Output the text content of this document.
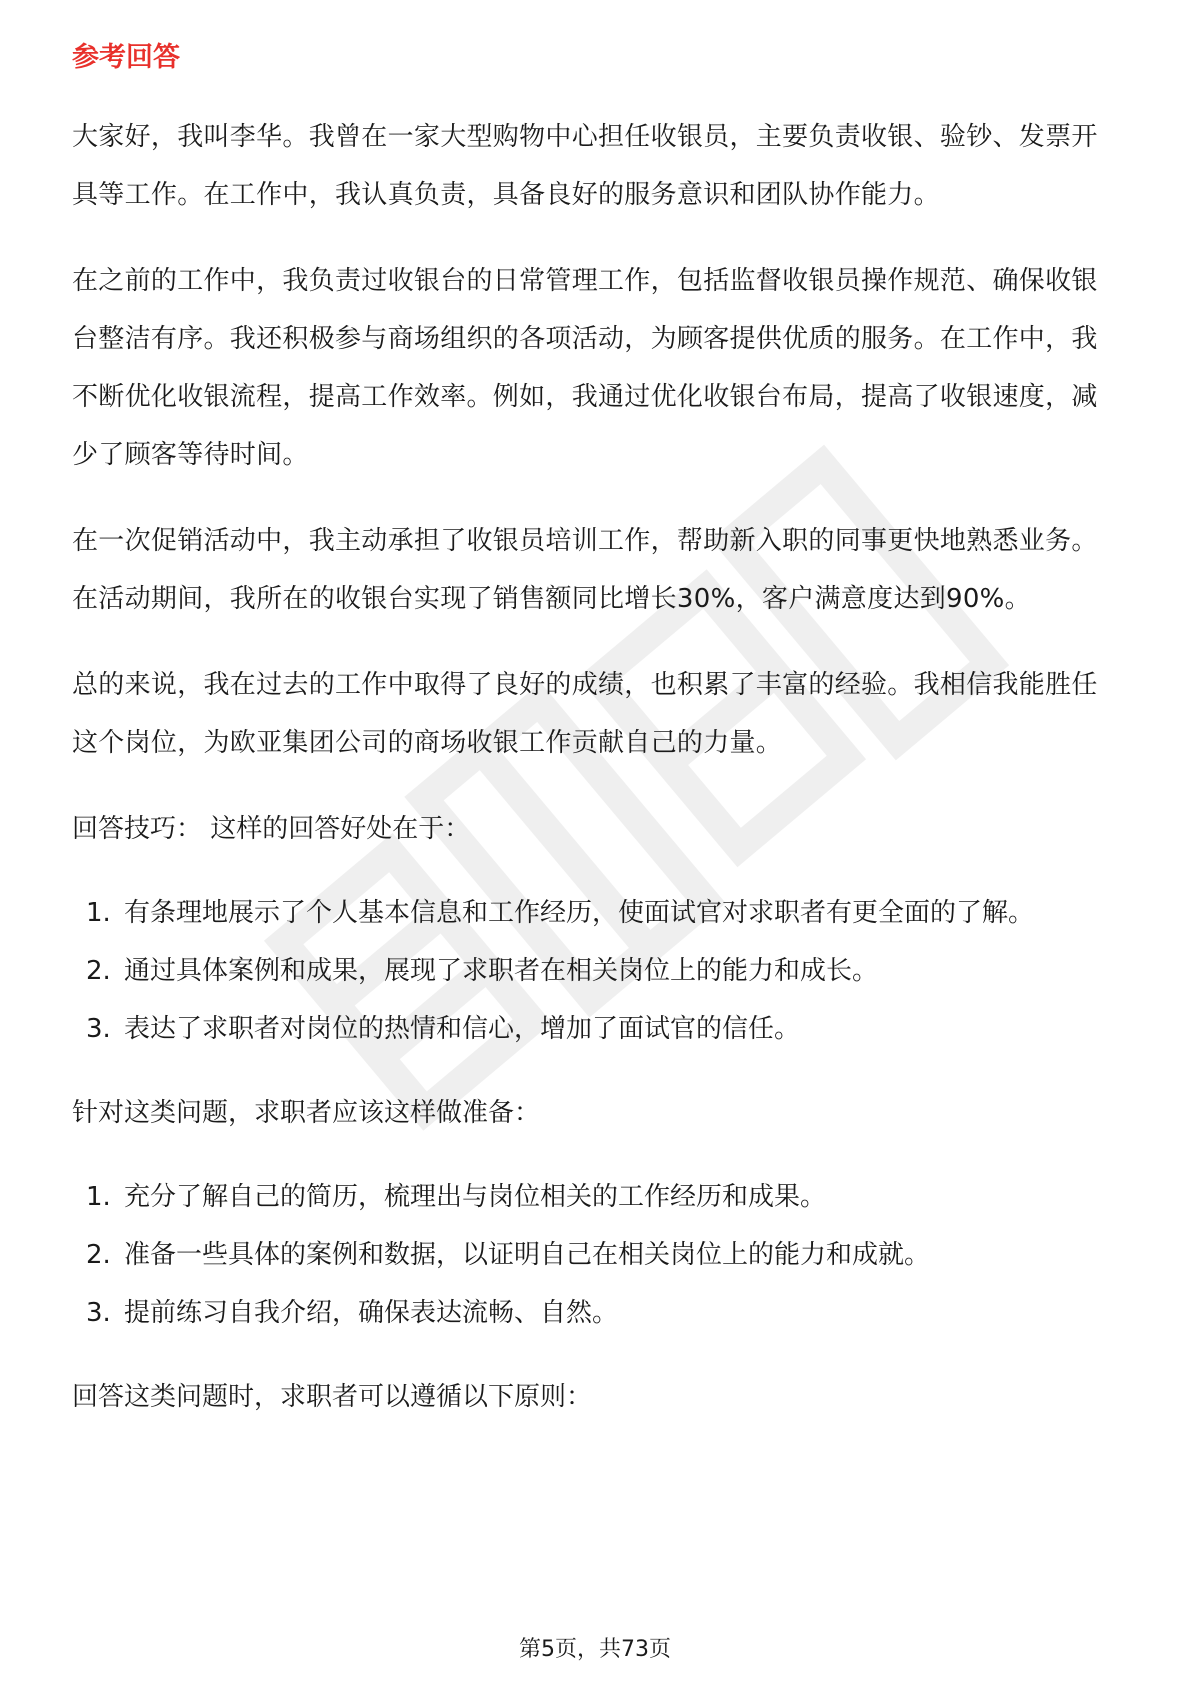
参考回答

大家好，我叫李华。我曾在一家大型购物中心担任收银员，主要负责收银、验钞、发票开具等工作。在工作中，我认真负责，具备良好的服务意识和团队协作能力。

在之前的工作中，我负责过收银台的日常管理工作，包括监督收银员操作规范、确保收银台整洁有序。我还积极参与商场组织的各项活动，为顾客提供优质的服务。在工作中，我不断优化收银流程，提高工作效率。例如，我通过优化收银台布局，提高了收银速度，减少了顾客等待时间。

在一次促销活动中，我主动承担了收银员培训工作，帮助新入职的同事更快地熟悉业务。在活动期间，我所在的收银台实现了销售额同比增长30%，客户满意度达到90%。

总的来说，我在过去的工作中取得了良好的成绩，也积累了丰富的经验。我相信我能胜任这个岗位，为欧亚集团公司的商场收银工作贡献自己的力量。

回答技巧： 这样的回答好处在于：

1. 有条理地展示了个人基本信息和工作经历，使面试官对求职者有更全面的了解。
2. 通过具体案例和成果，展现了求职者在相关岗位上的能力和成长。
3. 表达了求职者对岗位的热情和信心，增加了面试官的信任。

针对这类问题，求职者应该这样做准备：

1. 充分了解自己的简历，梳理出与岗位相关的工作经历和成果。
2. 准备一些具体的案例和数据，以证明自己在相关岗位上的能力和成就。
3. 提前练习自我介绍，确保表达流畅、自然。

回答这类问题时，求职者可以遵循以下原则：

第5页，共73页
